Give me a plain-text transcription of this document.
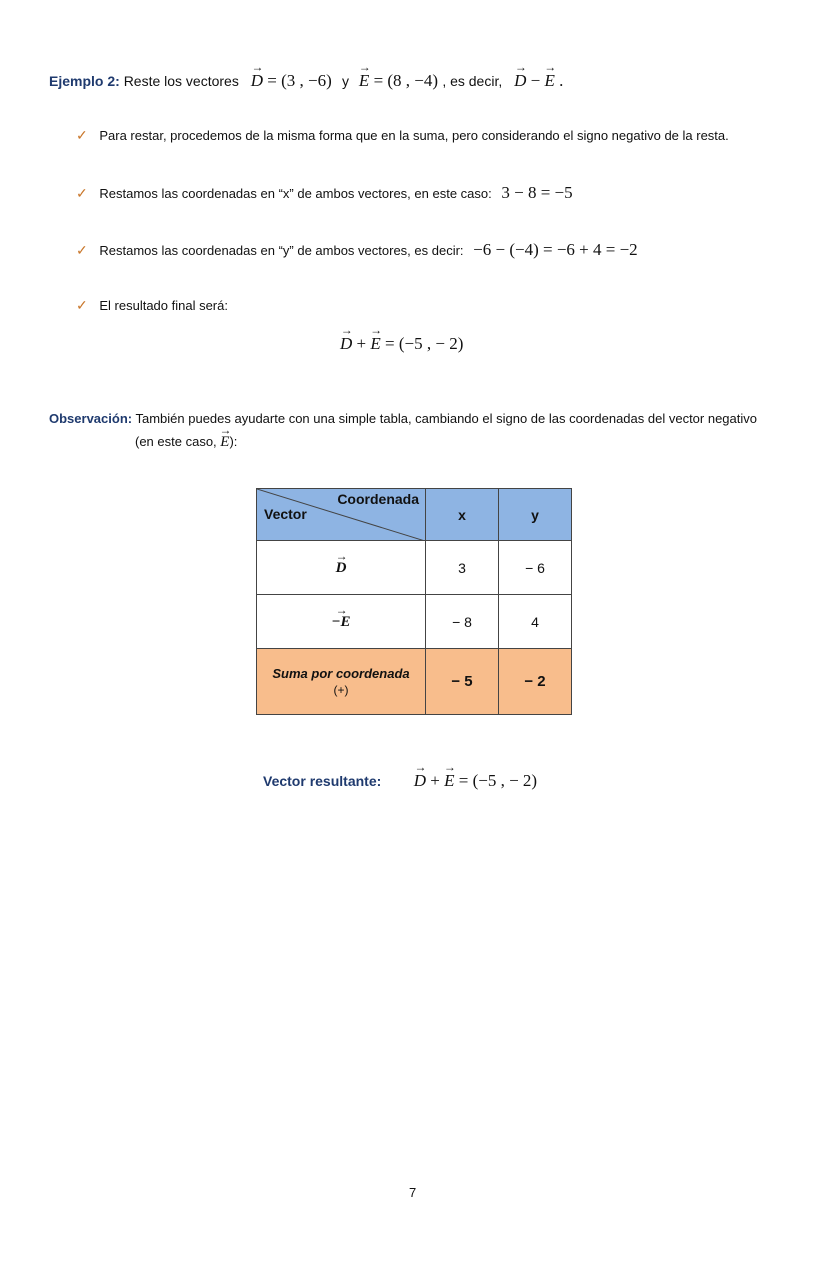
Ejemplo 2: Reste los vectores → D = (3 , −6) y → E = (8 , −4) , es decir, → D − → E .
✓ Para restar, procedemos de la misma forma que en la suma, pero considerando el signo negativo de la resta.
✓ Restamos las coordenadas en “x” de ambos vectores, en este caso: 3 − 8 = −5
✓ Restamos las coordenadas en “y” de ambos vectores, es decir: −6 − (−4) = −6 + 4 = −2
✓ El resultado final será:
→ D + → E = (−5 , − 2)
Observación: También puedes ayudarte con una simple tabla, cambiando el signo de las coordenadas del vector negativo
(en este caso, → E):
Coordenada
Vector	x	y
→ D	3	− 6
→ −E	− 8	4

Suma por coordenada
(+)	− 5	− 2
Vector resultante: → D + → E = (−5 , − 2)
7
